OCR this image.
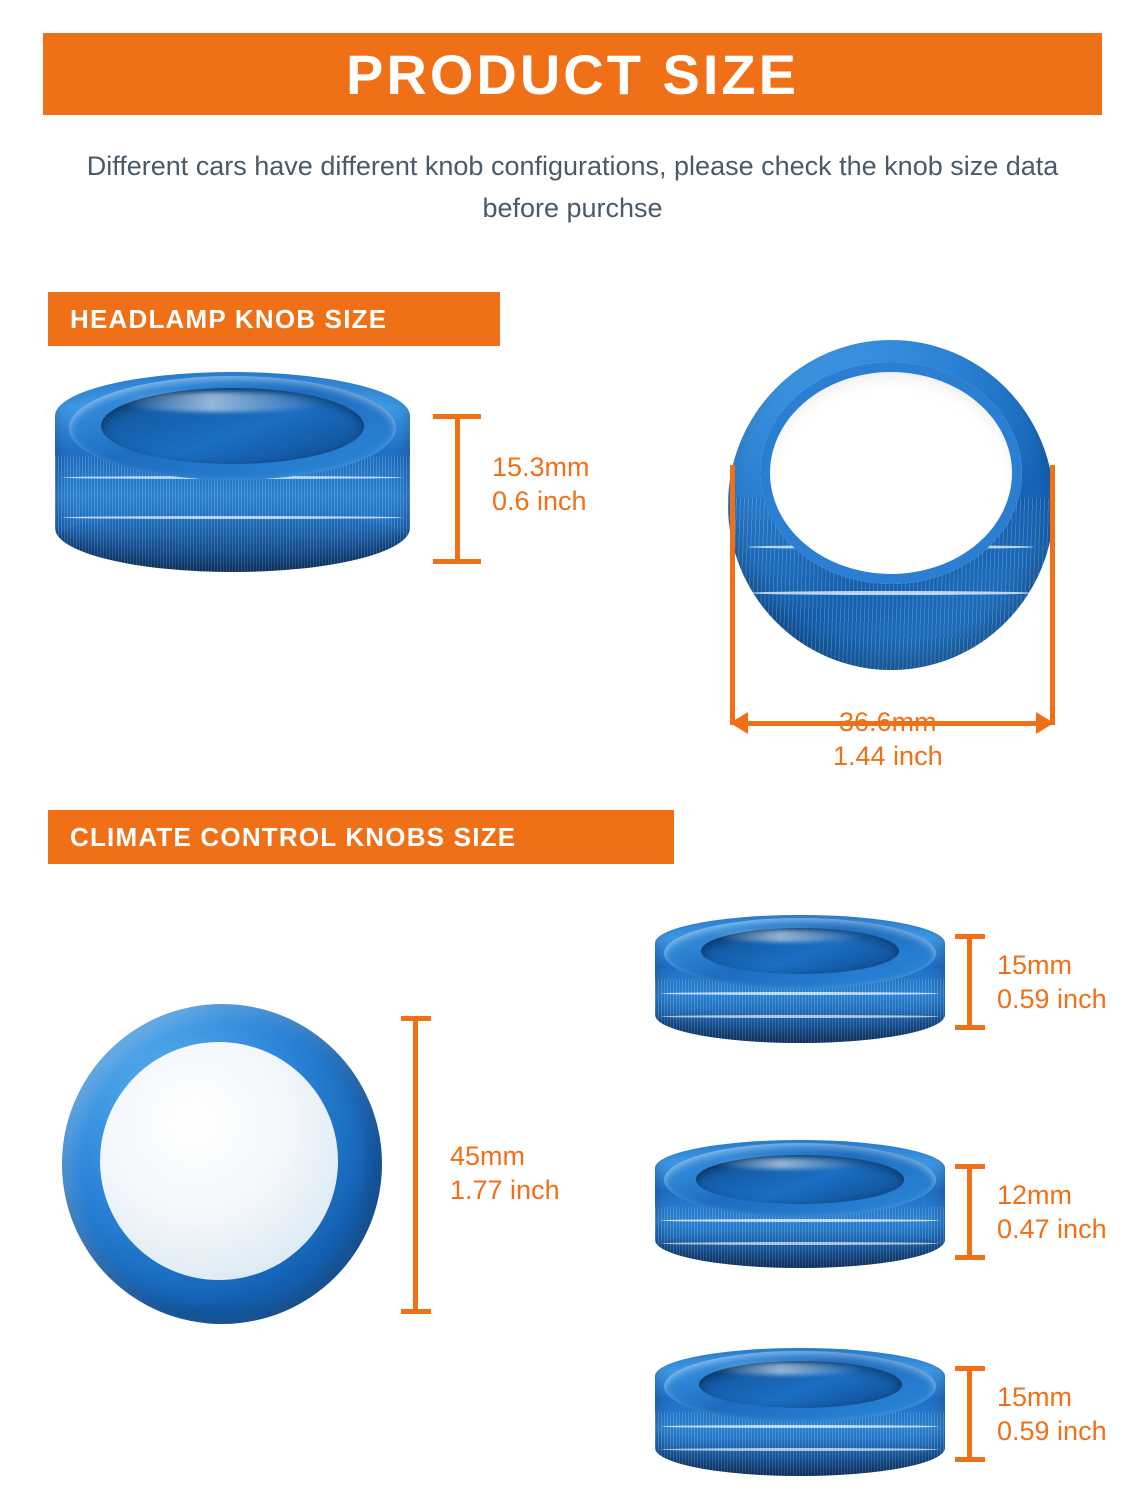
PRODUCT SIZE
Different cars have different knob configurations, please check the knob size data before purchse
HEADLAMP KNOB SIZE
15.3mm
0.6 inch
36.6mm
1.44 inch
CLIMATE CONTROL KNOBS SIZE
45mm
1.77 inch
15mm
0.59 inch
12mm
0.47 inch
15mm
0.59 inch
